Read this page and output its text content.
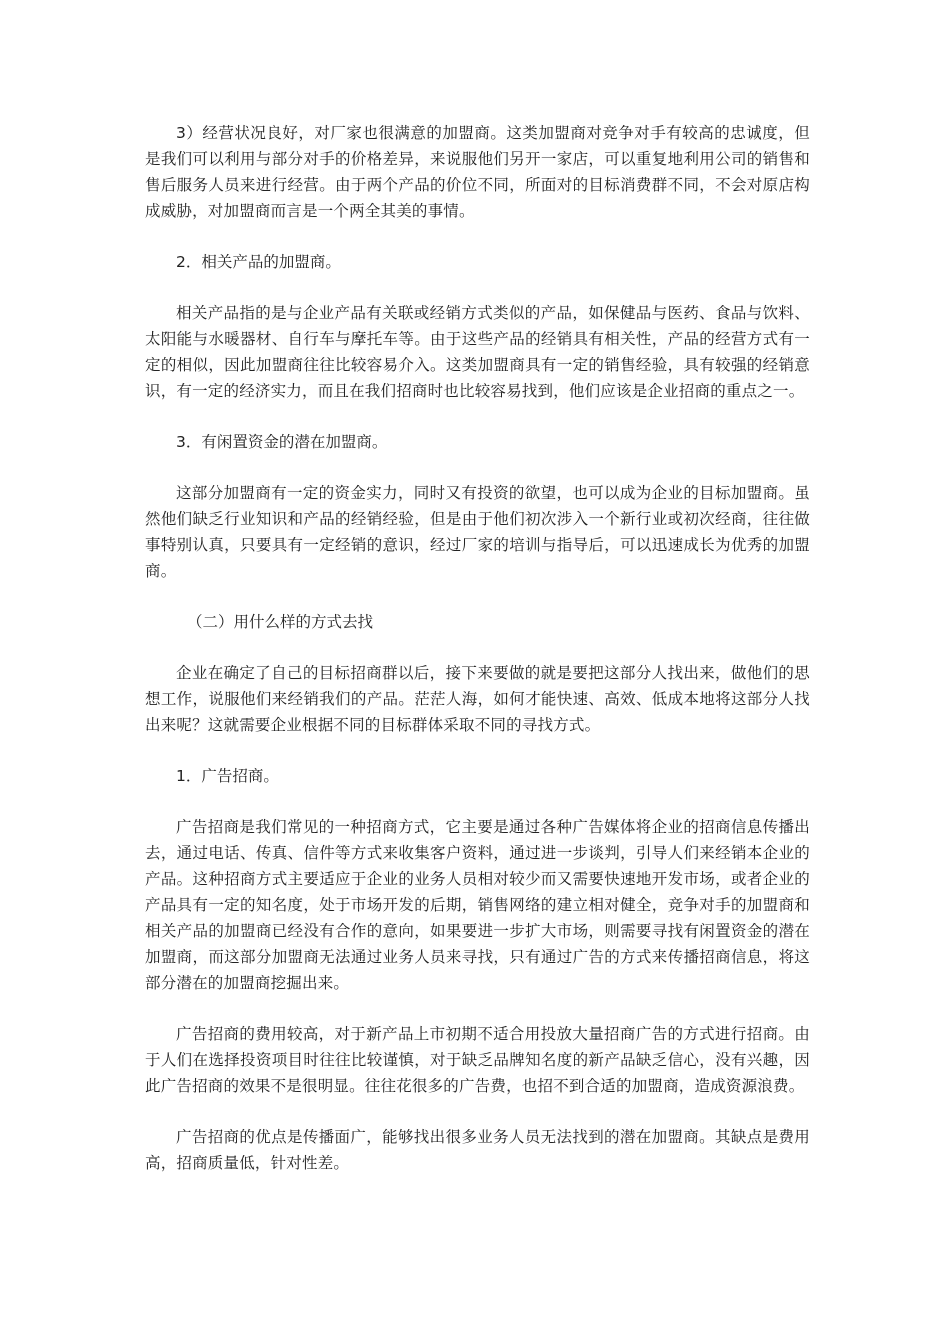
3）经营状况良好，对厂家也很满意的加盟商。这类加盟商对竞争对手有较高的忠诚度，但是我们可以利用与部分对手的价格差异，来说服他们另开一家店，可以重复地利用公司的销售和售后服务人员来进行经营。由于两个产品的价位不同，所面对的目标消费群不同，不会对原店构成威胁，对加盟商而言是一个两全其美的事情。

2．相关产品的加盟商。

相关产品指的是与企业产品有关联或经销方式类似的产品，如保健品与医药、食品与饮料、太阳能与水暖器材、自行车与摩托车等。由于这些产品的经销具有相关性，产品的经营方式有一定的相似，因此加盟商往往比较容易介入。这类加盟商具有一定的销售经验，具有较强的经销意识，有一定的经济实力，而且在我们招商时也比较容易找到，他们应该是企业招商的重点之一。

3．有闲置资金的潜在加盟商。

这部分加盟商有一定的资金实力，同时又有投资的欲望，也可以成为企业的目标加盟商。虽然他们缺乏行业知识和产品的经销经验，但是由于他们初次涉入一个新行业或初次经商，往往做事特别认真，只要具有一定经销的意识，经过厂家的培训与指导后，可以迅速成长为优秀的加盟商。

（二）用什么样的方式去找

企业在确定了自己的目标招商群以后，接下来要做的就是要把这部分人找出来，做他们的思想工作，说服他们来经销我们的产品。茫茫人海，如何才能快速、高效、低成本地将这部分人找出来呢？这就需要企业根据不同的目标群体采取不同的寻找方式。

1．广告招商。

广告招商是我们常见的一种招商方式，它主要是通过各种广告媒体将企业的招商信息传播出去，通过电话、传真、信件等方式来收集客户资料，通过进一步谈判，引导人们来经销本企业的产品。这种招商方式主要适应于企业的业务人员相对较少而又需要快速地开发市场，或者企业的产品具有一定的知名度，处于市场开发的后期，销售网络的建立相对健全，竞争对手的加盟商和相关产品的加盟商已经没有合作的意向，如果要进一步扩大市场，则需要寻找有闲置资金的潜在加盟商，而这部分加盟商无法通过业务人员来寻找，只有通过广告的方式来传播招商信息，将这部分潜在的加盟商挖掘出来。

广告招商的费用较高，对于新产品上市初期不适合用投放大量招商广告的方式进行招商。由于人们在选择投资项目时往往比较谨慎，对于缺乏品牌知名度的新产品缺乏信心，没有兴趣，因此广告招商的效果不是很明显。往往花很多的广告费，也招不到合适的加盟商，造成资源浪费。

广告招商的优点是传播面广，能够找出很多业务人员无法找到的潜在加盟商。其缺点是费用高，招商质量低，针对性差。
